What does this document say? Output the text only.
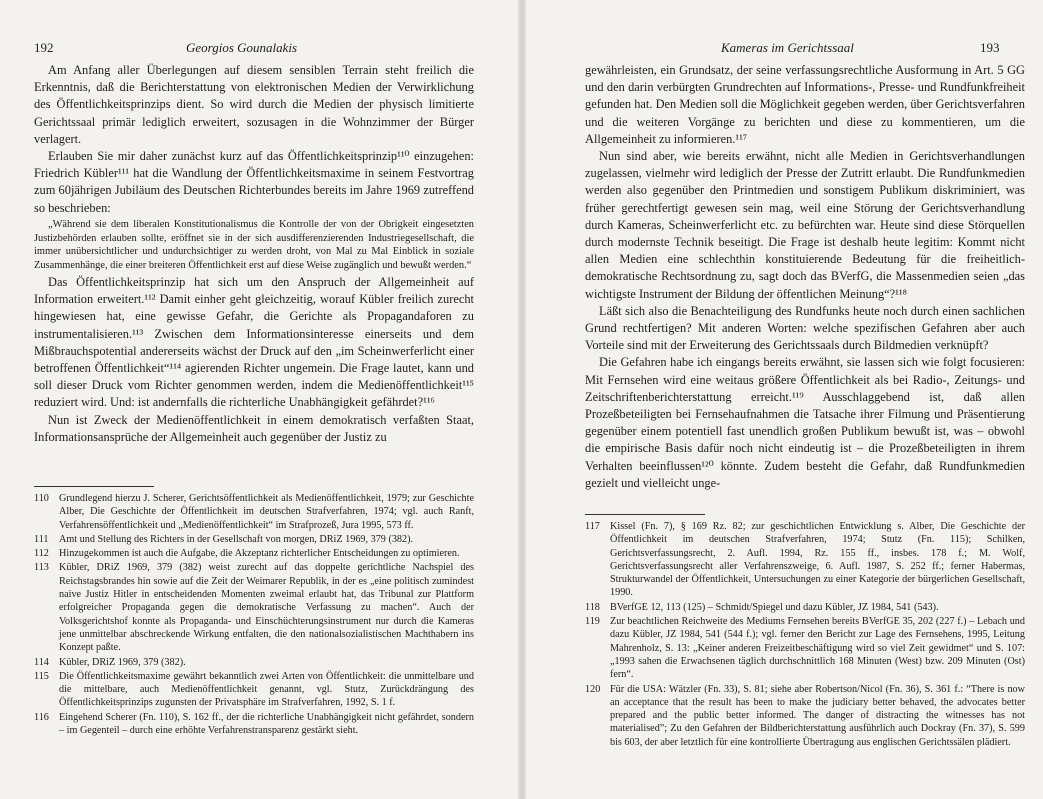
192	Georgios Gounalakis

Am Anfang aller Überlegungen auf diesem sensiblen Terrain steht freilich die Erkenntnis, daß die Berichterstattung von elektronischen Medien der Verwirklichung des Öffentlichkeitsprinzips dient. So wird durch die Medien der physisch limitierte Gerichtssaal primär lediglich erweitert, sozusagen in die Wohnzimmer der Bürger verlagert.

Erlauben Sie mir daher zunächst kurz auf das Öffentlichkeitsprinzip¹¹⁰ einzugehen: Friedrich Kübler¹¹¹ hat die Wandlung der Öffentlichkeitsmaxime in seinem Festvortrag zum 60jährigen Jubiläum des Deutschen Richterbundes bereits im Jahre 1969 zutreffend so beschrieben:

„Während sie dem liberalen Konstitutionalismus die Kontrolle der von der Obrigkeit eingesetzten Justizbehörden erlauben sollte, eröffnet sie in der sich ausdifferenzierenden Industriegesellschaft, die immer unübersichtlicher und undurchsichtiger zu werden droht, von Mal zu Mal Einblick in soziale Zusammenhänge, die einer breiteren Öffentlichkeit erst auf diese Weise zugänglich und bewußt werden.“

Das Öffentlichkeitsprinzip hat sich um den Anspruch der Allgemeinheit auf Information erweitert.¹¹² Damit einher geht gleichzeitig, worauf Kübler freilich zurecht hingewiesen hat, eine gewisse Gefahr, die Gerichte als Propagandaforen zu instrumentalisieren.¹¹³ Zwischen dem Informationsinteresse einerseits und dem Mißbrauchspotential andererseits wächst der Druck auf den „im Scheinwerferlicht einer betroffenen Öffentlichkeit“¹¹⁴ agierenden Richter ungemein. Die Frage lautet, kann und soll dieser Druck vom Richter genommen werden, indem die Medienöffentlichkeit¹¹⁵ reduziert wird. Und: ist andernfalls die richterliche Unabhängigkeit gefährdet?¹¹⁶

Nun ist Zweck der Medienöffentlichkeit in einem demokratisch verfaßten Staat, Informationsansprüche der Allgemeinheit auch gegenüber der Justiz zu

110 Grundlegend hierzu J. Scherer, Gerichtsöffentlichkeit als Medienöffentlichkeit, 1979; zur Geschichte Alber, Die Geschichte der Öffentlichkeit im deutschen Strafverfahren, 1974; vgl. auch Ranft, Verfahrensöffentlichkeit und „Medienöffentlichkeit“ im Strafprozeß, Jura 1995, 573 ff.
111	Amt und Stellung des Richters in der Gesellschaft von morgen, DRiZ 1969, 379 (382).
112 Hinzugekommen ist auch die Aufgabe, die Akzeptanz richterlicher Entscheidungen zu optimieren.
113 Kübler, DRiZ 1969, 379 (382) weist zurecht auf das doppelte gerichtliche Nachspiel des Reichstagsbrandes hin sowie auf die Zeit der Weimarer Republik, in der es „eine politisch zumindest naive Justiz Hitler in entscheidenden Momenten zweimal erlaubt hat, das Tribunal zur Plattform erfolgreicher Propaganda gegen die demokratische Verfassung zu machen“. Auch der Volksgerichtshof konnte als Propaganda- und Einschüchterungsinstrument nur durch die Kameras jene unmittelbar abschreckende Wirkung entfalten, die den nationalsozialistischen Machthabern ins Konzept paßte.
114 Kübler, DRiZ 1969, 379 (382).
115 Die Öffentlichkeitsmaxime gewährt bekanntlich zwei Arten von Öffentlichkeit: die unmittelbare und die mittelbare, auch Medienöffentlichkeit genannt, vgl. Stutz, Zurückdrängung des Öffentlichkeitsprinzips zugunsten der Privatsphäre im Strafverfahren, 1992, S. 1 f.
116 Eingehend Scherer (Fn. 110), S. 162 ff., der die richterliche Unabhängigkeit nicht gefährdet, sondern – im Gegenteil – durch eine erhöhte Verfahrenstransparenz gestärkt sieht.
Kameras im Gerichtssaal	193

gewährleisten, ein Grundsatz, der seine verfassungsrechtliche Ausformung in Art. 5 GG und den darin verbürgten Grundrechten auf Informations-, Presse- und Rundfunkfreiheit gefunden hat. Den Medien soll die Möglichkeit gegeben werden, über Gerichtsverfahren und die weiteren Vorgänge zu berichten und diese zu kommentieren, um die Allgemeinheit zu informieren.¹¹⁷

Nun sind aber, wie bereits erwähnt, nicht alle Medien in Gerichtsverhandlungen zugelassen, vielmehr wird lediglich der Presse der Zutritt erlaubt. Die Rundfunkmedien werden also gegenüber den Printmedien und sonstigem Publikum diskriminiert, was früher gerechtfertigt gewesen sein mag, weil eine Störung der Gerichtsverhandlung durch Kameras, Scheinwerferlicht etc. zu befürchten war. Heute sind diese Störquellen durch modernste Technik beseitigt. Die Frage ist deshalb heute legitim: Kommt nicht allen Medien eine schlechthin konstituierende Bedeutung für die freiheitlich-demokratische Rechtsordnung zu, sagt doch das BVerfG, die Massenmedien seien „das wichtigste Instrument der Bildung der öffentlichen Meinung“?¹¹⁸

Läßt sich also die Benachteiligung des Rundfunks heute noch durch einen sachlichen Grund rechtfertigen? Mit anderen Worten: welche spezifischen Gefahren aber auch Vorteile sind mit der Erweiterung des Gerichtssaals durch Bildmedien verknüpft?

Die Gefahren habe ich eingangs bereits erwähnt, sie lassen sich wie folgt focusieren: Mit Fernsehen wird eine weitaus größere Öffentlichkeit als bei Radio-, Zeitungs- und Zeitschriftenberichterstattung erreicht.¹¹⁹ Ausschlaggebend ist, daß allen Prozeßbeteiligten bei Fernsehaufnahmen die Tatsache ihrer Filmung und Präsentierung gegenüber einem potentiell fast unendlich großen Publikum bewußt ist, was – obwohl die empirische Basis dafür noch nicht eindeutig ist – die Prozeßbeteiligten in ihrem Verhalten beeinflussen¹²⁰ könnte. Zudem besteht die Gefahr, daß Rundfunkmedien gezielt und vielleicht unge-

117 Kissel (Fn. 7), § 169 Rz. 82; zur geschichtlichen Entwicklung s. Alber, Die Geschichte der Öffentlichkeit im deutschen Strafverfahren, 1974; Stutz (Fn. 115); Schilken, Gerichtsverfassungsrecht, 2. Aufl. 1994, Rz. 155 ff., insbes. 178 f.; M. Wolf, Gerichtsverfassungsrecht aller Verfahrenszweige, 6. Aufl. 1987, S. 252 ff.; ferner Habermas, Strukturwandel der Öffentlichkeit, Untersuchungen zu einer Kategorie der bürgerlichen Gesellschaft, 1990.
118 BVerfGE 12, 113 (125) – Schmidt/Spiegel und dazu Kübler, JZ 1984, 541 (543).
119 Zur beachtlichen Reichweite des Mediums Fernsehen bereits BVerfGE 35, 202 (227 f.) – Lebach und dazu Kübler, JZ 1984, 541 (544 f.); vgl. ferner den Bericht zur Lage des Fernsehens, 1995, Leitung Mahrenholz, S. 13: „Keiner anderen Freizeitbeschäftigung wird so viel Zeit gewidmet“ und S. 107: „1993 sahen die Erwachsenen täglich durchschnittlich 168 Minuten (West) bzw. 209 Minuten (Ost) fern“.
120 Für die USA: Wätzler (Fn. 33), S. 81; siehe aber Robertson/Nicol (Fn. 36), S. 361 f.: “There is now an acceptance that the result has been to make the judiciary better behaved, the advocates better prepared and the public better informed. The danger of distracting the witnesses has not materialised”; Zu den Gefahren der Bildberichterstattung ausführlich auch Dockray (Fn. 37), S. 599 bis 603, der aber letztlich für eine kontrollierte Übertragung aus englischen Gerichtssälen plädiert.
